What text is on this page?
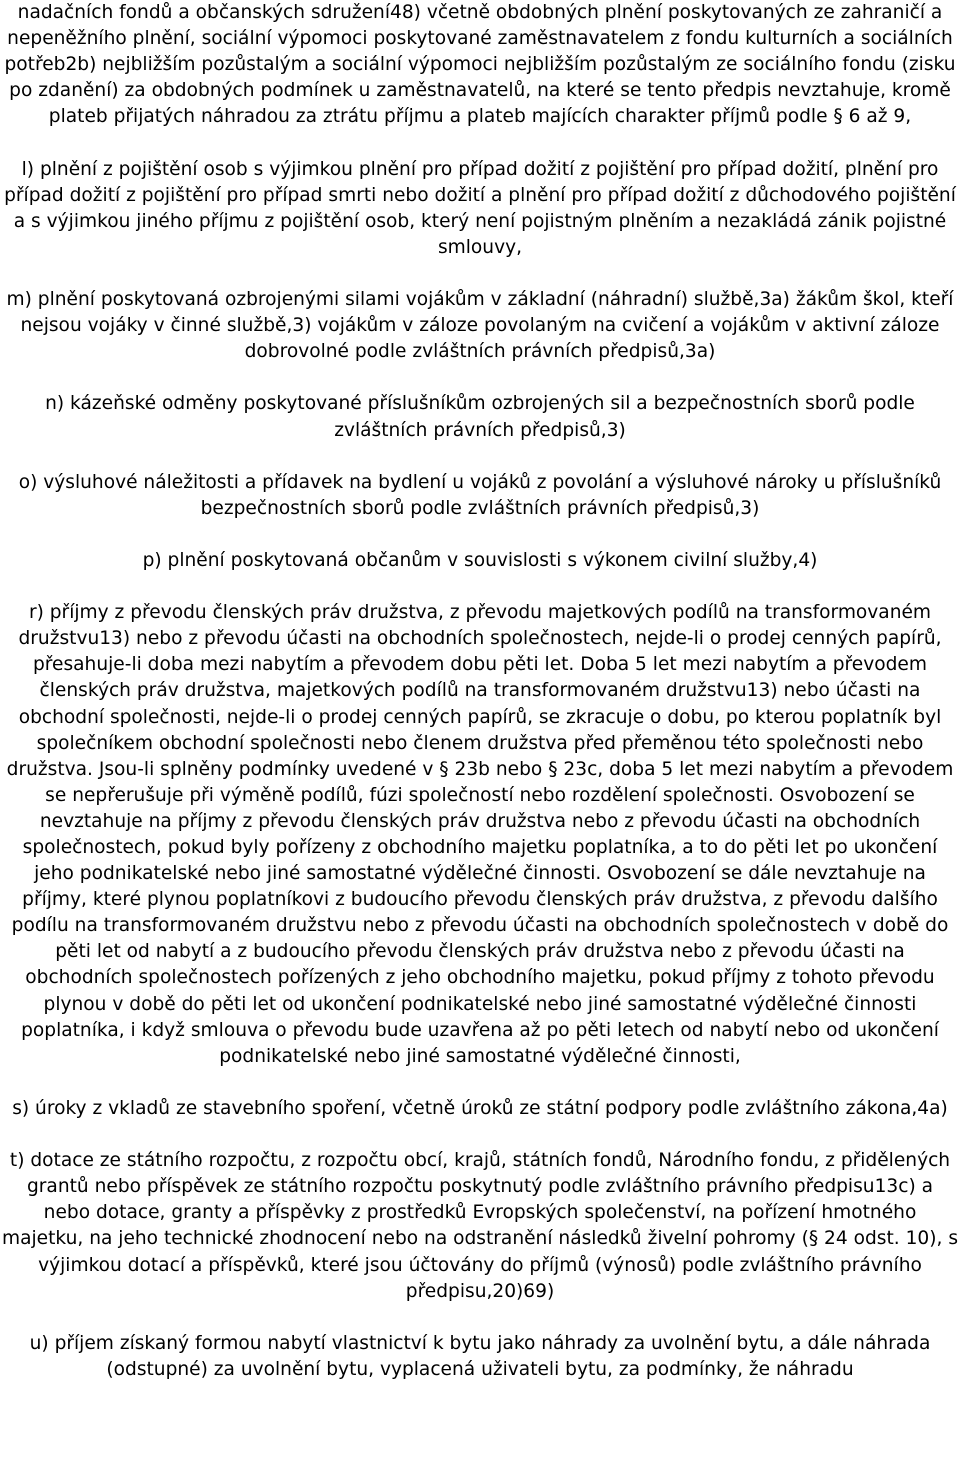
nadačních fondů a občanských sdružení48) včetně obdobných plnění poskytovaných ze zahraničí a nepeněžního plnění, sociální výpomoci poskytované zaměstnavatelem z fondu kulturních a sociálních potřeb2b) nejbližším pozůstalým a sociální výpomoci nejbližším pozůstalým ze sociálního fondu (zisku po zdanění) za obdobných podmínek u zaměstnavatelů, na které se tento předpis nevztahuje, kromě plateb přijatých náhradou za ztrátu příjmu a plateb majících charakter příjmů podle § 6 až 9,

l) plnění z pojištění osob s výjimkou plnění pro případ dožití z pojištění pro případ dožití, plnění pro případ dožití z pojištění pro případ smrti nebo dožití a plnění pro případ dožití z důchodového pojištění a s výjimkou jiného příjmu z pojištění osob, který není pojistným plněním a nezakládá zánik pojistné smlouvy,

m) plnění poskytovaná ozbrojenými silami vojákům v základní (náhradní) službě,3a) žákům škol, kteří nejsou vojáky v činné službě,3) vojákům v záloze povolaným na cvičení a vojákům v aktivní záloze dobrovolné podle zvláštních právních předpisů,3a)

n) kázeňské odměny poskytované příslušníkům ozbrojených sil a bezpečnostních sborů podle zvláštních právních předpisů,3)

o) výsluhové náležitosti a přídavek na bydlení u vojáků z povolání a výsluhové nároky u příslušníků bezpečnostních sborů podle zvláštních právních předpisů,3)

p) plnění poskytovaná občanům v souvislosti s výkonem civilní služby,4)

r) příjmy z převodu členských práv družstva, z převodu majetkových podílů na transformovaném družstvu13) nebo z převodu účasti na obchodních společnostech, nejde-li o prodej cenných papírů, přesahuje-li doba mezi nabytím a převodem dobu pěti let. Doba 5 let mezi nabytím a převodem členských práv družstva, majetkových podílů na transformovaném družstvu13) nebo účasti na obchodní společnosti, nejde-li o prodej cenných papírů, se zkracuje o dobu, po kterou poplatník byl společníkem obchodní společnosti nebo členem družstva před přeměnou této společnosti nebo družstva. Jsou-li splněny podmínky uvedené v § 23b nebo § 23c, doba 5 let mezi nabytím a převodem se nepřerušuje při výměně podílů, fúzi společností nebo rozdělení společnosti. Osvobození se nevztahuje na příjmy z převodu členských práv družstva nebo z převodu účasti na obchodních společnostech, pokud byly pořízeny z obchodního majetku poplatníka, a to do pěti let po ukončení jeho podnikatelské nebo jiné samostatné výdělečné činnosti. Osvobození se dále nevztahuje na příjmy, které plynou poplatníkovi z budoucího převodu členských práv družstva, z převodu dalšího podílu na transformovaném družstvu nebo z převodu účasti na obchodních společnostech v době do pěti let od nabytí a z budoucího převodu členských práv družstva nebo z převodu účasti na obchodních společnostech pořízených z jeho obchodního majetku, pokud příjmy z tohoto převodu plynou v době do pěti let od ukončení podnikatelské nebo jiné samostatné výdělečné činnosti poplatníka, i když smlouva o převodu bude uzavřena až po pěti letech od nabytí nebo od ukončení podnikatelské nebo jiné samostatné výdělečné činnosti,

s) úroky z vkladů ze stavebního spoření, včetně úroků ze státní podpory podle zvláštního zákona,4a)

t) dotace ze státního rozpočtu, z rozpočtu obcí, krajů, státních fondů, Národního fondu, z přidělených grantů nebo příspěvek ze státního rozpočtu poskytnutý podle zvláštního právního předpisu13c) a nebo dotace, granty a příspěvky z prostředků Evropských společenství, na pořízení hmotného majetku, na jeho technické zhodnocení nebo na odstranění následků živelní pohromy (§ 24 odst. 10), s výjimkou dotací a příspěvků, které jsou účtovány do příjmů (výnosů) podle zvláštního právního předpisu,20)69)

u) příjem získaný formou nabytí vlastnictví k bytu jako náhrady za uvolnění bytu, a dále náhrada (odstupné) za uvolnění bytu, vyplacená uživateli bytu, za podmínky, že náhradu
